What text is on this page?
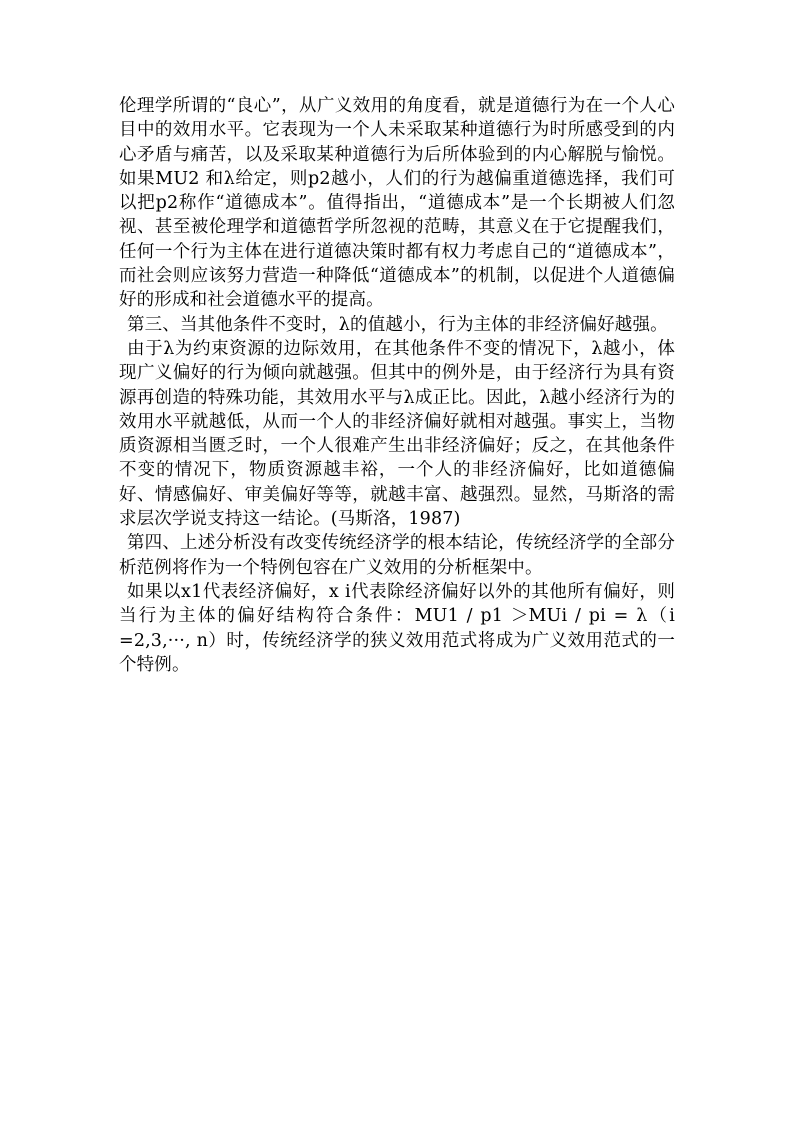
伦理学所谓的“良心”，从广义效用的角度看，就是道德行为在一个人心目中的效用水平。它表现为一个人未采取某种道德行为时所感受到的内心矛盾与痛苦，以及采取某种道德行为后所体验到的内心解脱与愉悦。如果MU2 和λ给定，则p2越小，人们的行为越偏重道德选择，我们可以把p2称作“道德成本”。值得指出，“道德成本”是一个长期被人们忽视、甚至被伦理学和道德哲学所忽视的范畴，其意义在于它提醒我们，任何一个行为主体在进行道德决策时都有权力考虑自己的“道德成本”，而社会则应该努力营造一种降低“道德成本”的机制，以促进个人道德偏好的形成和社会道德水平的提高。

第三、当其他条件不变时，λ的值越小，行为主体的非经济偏好越强。

由于λ为约束资源的边际效用，在其他条件不变的情况下，λ越小，体现广义偏好的行为倾向就越强。但其中的例外是，由于经济行为具有资源再创造的特殊功能，其效用水平与λ成正比。因此，λ越小经济行为的效用水平就越低，从而一个人的非经济偏好就相对越强。事实上，当物质资源相当匮乏时，一个人很难产生出非经济偏好；反之，在其他条件不变的情况下，物质资源越丰裕，一个人的非经济偏好，比如道德偏好、情感偏好、审美偏好等等，就越丰富、越强烈。显然，马斯洛的需求层次学说支持这一结论。(马斯洛，1987)

第四、上述分析没有改变传统经济学的根本结论，传统经济学的全部分析范例将作为一个特例包容在广义效用的分析框架中。

如果以x1代表经济偏好，x i代表除经济偏好以外的其他所有偏好，则当行为主体的偏好结构符合条件：MU1 / p1 ＞MUi / pi = λ（i =2,3,···, n）时，传统经济学的狭义效用范式将成为广义效用范式的一个特例。
